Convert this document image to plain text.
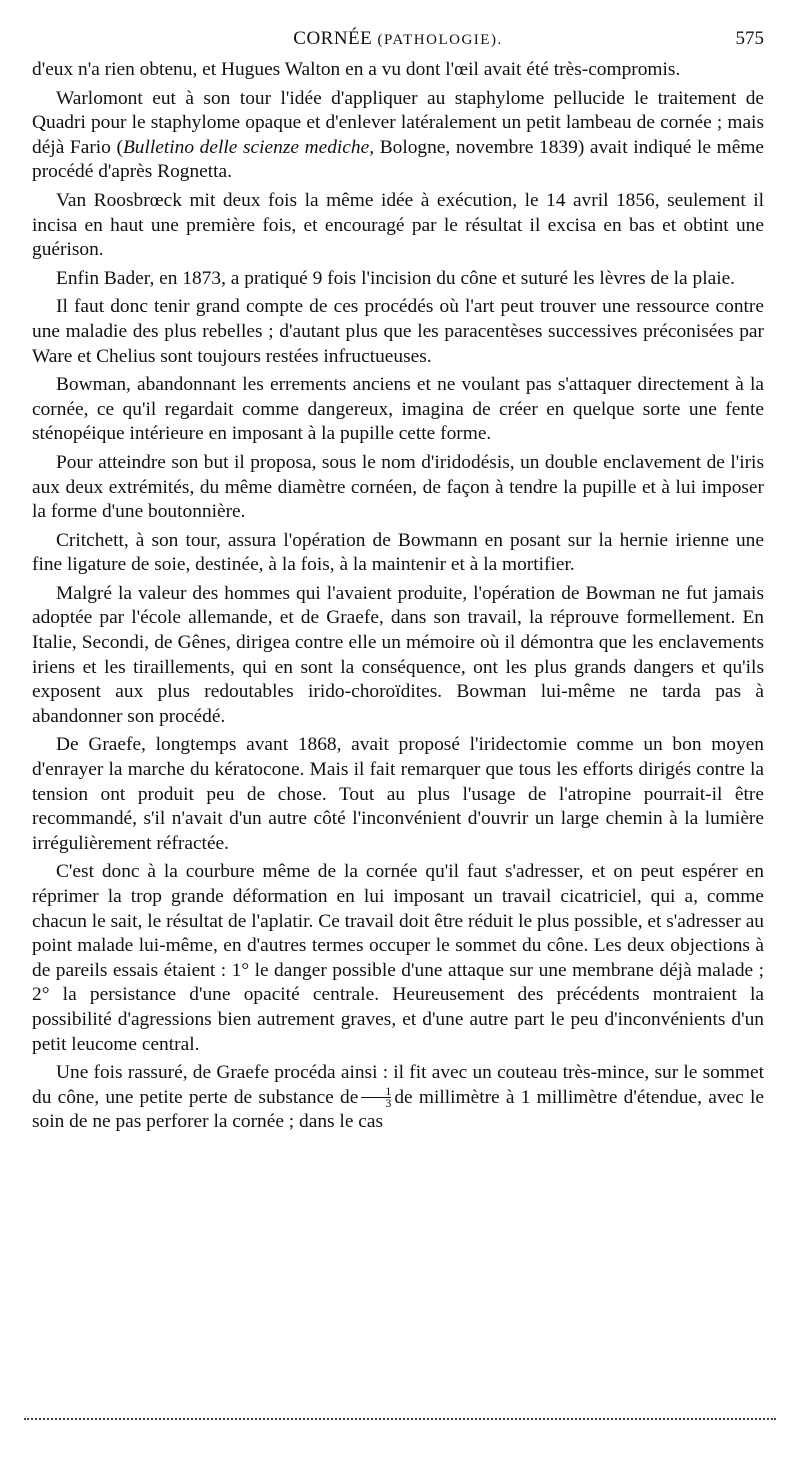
CORNÉE (PATHOLOGIE).	575

d'eux n'a rien obtenu, et Hugues Walton en a vu dont l'œil avait été très-compromis.

Warlomont eut à son tour l'idée d'appliquer au staphylome pellucide le traitement de Quadri pour le staphylome opaque et d'enlever latéralement un petit lambeau de cornée ; mais déjà Fario (Bulletino delle scienze mediche, Bologne, novembre 1839) avait indiqué le même procédé d'après Rognetta.

Van Roosbrœck mit deux fois la même idée à exécution, le 14 avril 1856, seulement il incisa en haut une première fois, et encouragé par le résultat il excisa en bas et obtint une guérison.

Enfin Bader, en 1873, a pratiqué 9 fois l'incision du cône et suturé les lèvres de la plaie.

Il faut donc tenir grand compte de ces procédés où l'art peut trouver une ressource contre une maladie des plus rebelles ; d'autant plus que les paracentèses successives préconisées par Ware et Chelius sont toujours restées infructueuses.

Bowman, abandonnant les errements anciens et ne voulant pas s'attaquer directement à la cornée, ce qu'il regardait comme dangereux, imagina de créer en quelque sorte une fente sténopéique intérieure en imposant à la pupille cette forme.

Pour atteindre son but il proposa, sous le nom d'iridodésis, un double enclavement de l'iris aux deux extrémités, du même diamètre cornéen, de façon à tendre la pupille et à lui imposer la forme d'une boutonnière.

Critchett, à son tour, assura l'opération de Bowmann en posant sur la hernie irienne une fine ligature de soie, destinée, à la fois, à la maintenir et à la mortifier.

Malgré la valeur des hommes qui l'avaient produite, l'opération de Bowman ne fut jamais adoptée par l'école allemande, et de Graefe, dans son travail, la réprouve formellement. En Italie, Secondi, de Gênes, dirigea contre elle un mémoire où il démontra que les enclavements iriens et les tiraillements, qui en sont la conséquence, ont les plus grands dangers et qu'ils exposent aux plus redoutables irido-choroïdites. Bowman lui-même ne tarda pas à abandonner son procédé.

De Graefe, longtemps avant 1868, avait proposé l'iridectomie comme un bon moyen d'enrayer la marche du kératocone. Mais il fait remarquer que tous les efforts dirigés contre la tension ont produit peu de chose. Tout au plus l'usage de l'atropine pourrait-il être recommandé, s'il n'avait d'un autre côté l'inconvénient d'ouvrir un large chemin à la lumière irrégulièrement réfractée.

C'est donc à la courbure même de la cornée qu'il faut s'adresser, et on peut espérer en réprimer la trop grande déformation en lui imposant un travail cicatriciel, qui a, comme chacun le sait, le résultat de l'aplatir. Ce travail doit être réduit le plus possible, et s'adresser au point malade lui-même, en d'autres termes occuper le sommet du cône. Les deux objections à de pareils essais étaient : 1° le danger possible d'une attaque sur une membrane déjà malade ; 2° la persistance d'une opacité centrale. Heureusement des précédents montraient la possibilité d'agressions bien autrement graves, et d'une autre part le peu d'inconvénients d'un petit leucome central.

Une fois rassuré, de Graefe procéda ainsi : il fit avec un couteau très-mince, sur le sommet du cône, une petite perte de substance de $\frac{1}{3}$ de millimètre à 1 millimètre d'étendue, avec le soin de ne pas perforer la cornée ; dans le cas
